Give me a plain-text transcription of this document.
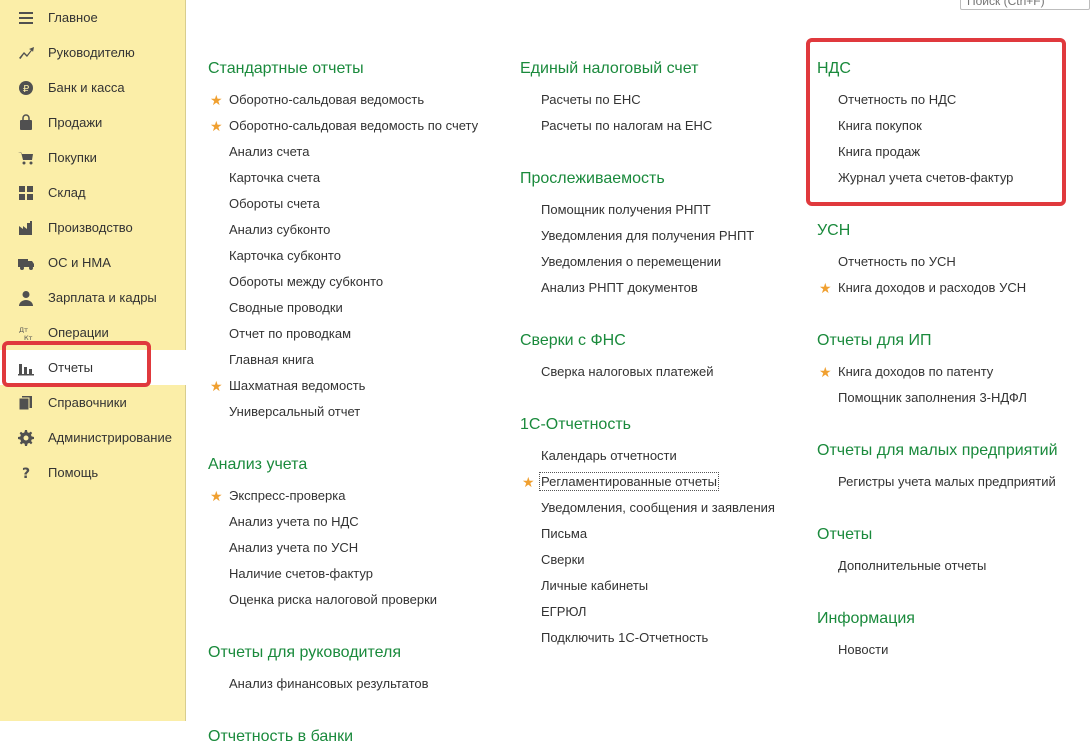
Главное
Руководителю
₽ Банк и касса
Продажи
Покупки
Склад
Производство
ОС и НМА
Зарплата и кадры
Дт
Кт Операции
Отчеты
Справочники
Администрирование
? Помощь
Поиск (Ctrl+F)
Стандартные отчеты
★ Оборотно-сальдовая ведомость
★ Оборотно-сальдовая ведомость по счету
Анализ счета
Карточка счета
Обороты счета
Анализ субконто
Карточка субконто
Обороты между субконто
Сводные проводки
Отчет по проводкам
Главная книга
★ Шахматная ведомость
Универсальный отчет
Анализ учета
★ Экспресс-проверка
Анализ учета по НДС
Анализ учета по УСН
Наличие счетов-фактур
Оценка риска налоговой проверки
Отчеты для руководителя
Анализ финансовых результатов
Отчетность в банки
Единый налоговый счет
Расчеты по ЕНС
Расчеты по налогам на ЕНС
Прослеживаемость
Помощник получения РНПТ
Уведомления для получения РНПТ
Уведомления о перемещении
Анализ РНПТ документов
Сверки с ФНС
Сверка налоговых платежей
1С-Отчетность
Календарь отчетности
★ Регламентированные отчеты
Уведомления, сообщения и заявления
Письма
Сверки
Личные кабинеты
ЕГРЮЛ
Подключить 1С-Отчетность
НДС
Отчетность по НДС
Книга покупок
Книга продаж
Журнал учета счетов-фактур
УСН
Отчетность по УСН
★ Книга доходов и расходов УСН
Отчеты для ИП
★ Книга доходов по патенту
Помощник заполнения 3-НДФЛ
Отчеты для малых предприятий
Регистры учета малых предприятий
Отчеты
Дополнительные отчеты
Информация
Новости
